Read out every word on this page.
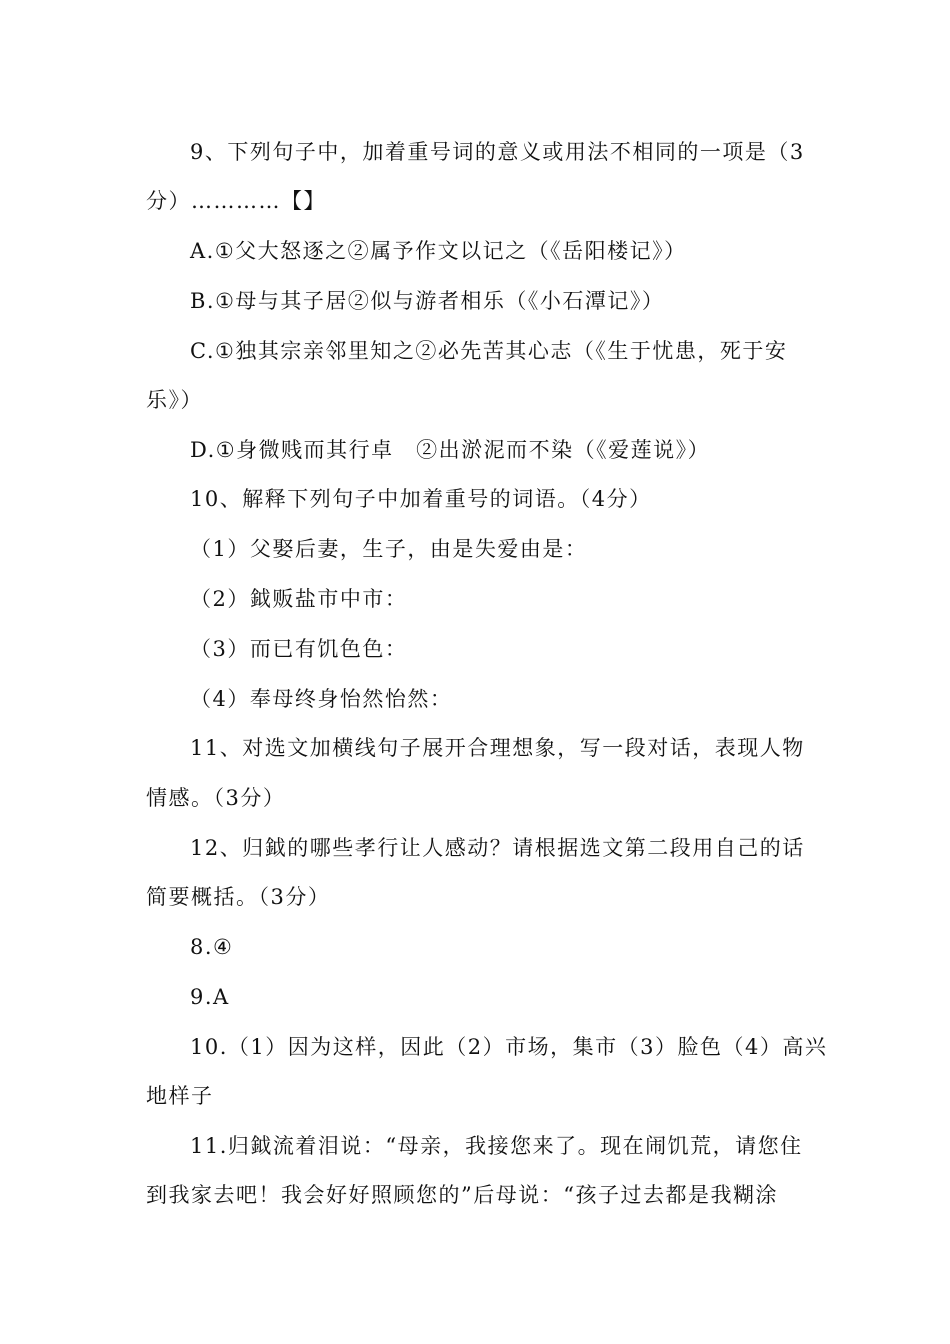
9、下列句子中，加着重号词的意义或用法不相同的一项是（3
分）…………【】
A.①父大怒逐之②属予作文以记之（《岳阳楼记》）
B.①母与其子居②似与游者相乐（《小石潭记》）
C.①独其宗亲邻里知之②必先苦其心志（《生于忧患，死于安
乐》）
D.①身微贱而其行卓　②出淤泥而不染（《爱莲说》）
10、解释下列句子中加着重号的词语。（4分）
（1）父娶后妻，生子，由是失爱由是：
（2）鉞贩盐市中市：
（3）而已有饥色色：
（4）奉母终身怡然怡然：
11、对选文加横线句子展开合理想象，写一段对话，表现人物
情感。（3分）
12、归鉞的哪些孝行让人感动？请根据选文第二段用自己的话
简要概括。（3分）
8.④
9.A
10.（1）因为这样，因此（2）市场，集市（3）脸色（4）高兴
地样子
11.归鉞流着泪说：“母亲，我接您来了。现在闹饥荒，请您住
到我家去吧！我会好好照顾您的”后母说：“孩子过去都是我糊涂
